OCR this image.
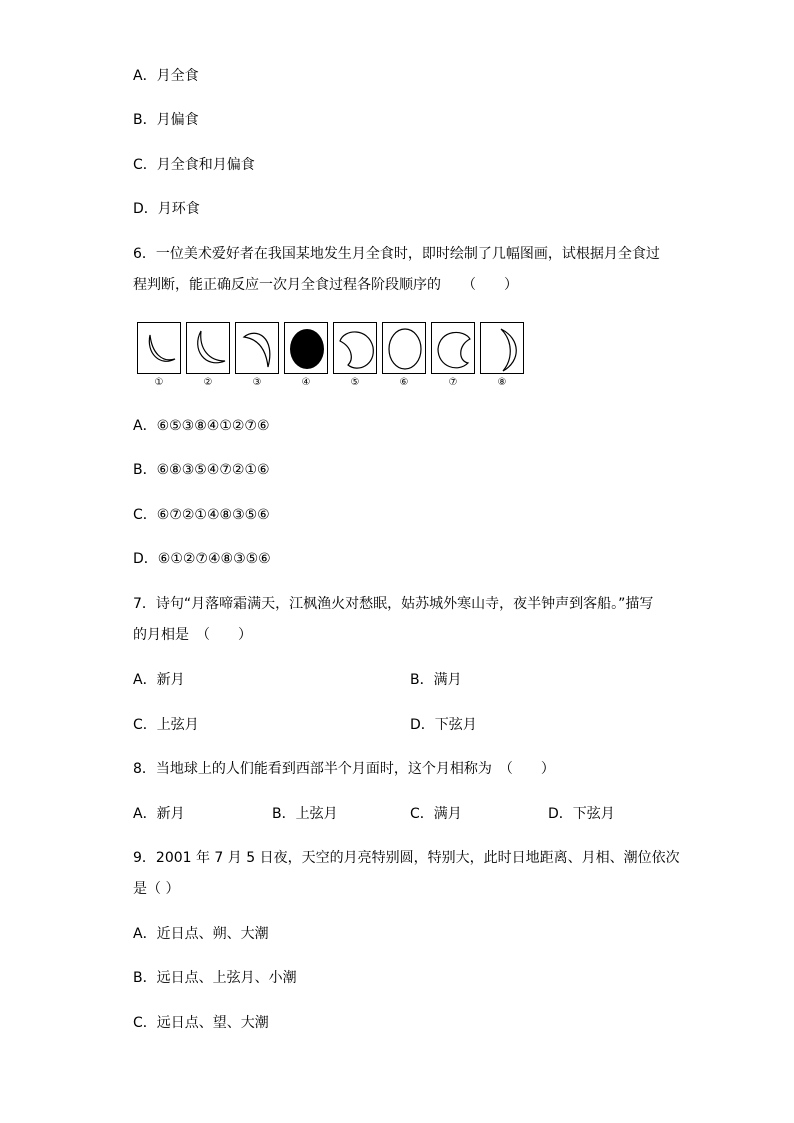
A．月全食
B．月偏食
C．月全食和月偏食
D．月环食
6．一位美术爱好者在我国某地发生月全食时，即时绘制了几幅图画，试根据月全食过
程判断，能正确反应一次月全食过程各阶段顺序的　　（　　）
①	②	③	④	⑤	⑥	⑦	⑧
A．⑥⑤③⑧④①②⑦⑥
B．⑥⑧③⑤④⑦②①⑥
C．⑥⑦②①④⑧③⑤⑥
D．⑥①②⑦④⑧③⑤⑥
7．诗句“月落啼霜满天，江枫渔火对愁眠，姑苏城外寒山寺，夜半钟声到客船。”描写
的月相是　（　　）
A．新月	B．满月
C．上弦月	D．下弦月
8．当地球上的人们能看到西部半个月面时，这个月相称为　（　　）
A．新月	B．上弦月	C．满月	D．下弦月
9．2001 年 7 月 5 日夜，天空的月亮特别圆，特别大，此时日地距离、月相、潮位依次
是（ ）
A．近日点、朔、大潮
B．远日点、上弦月、小潮
C．远日点、望、大潮
